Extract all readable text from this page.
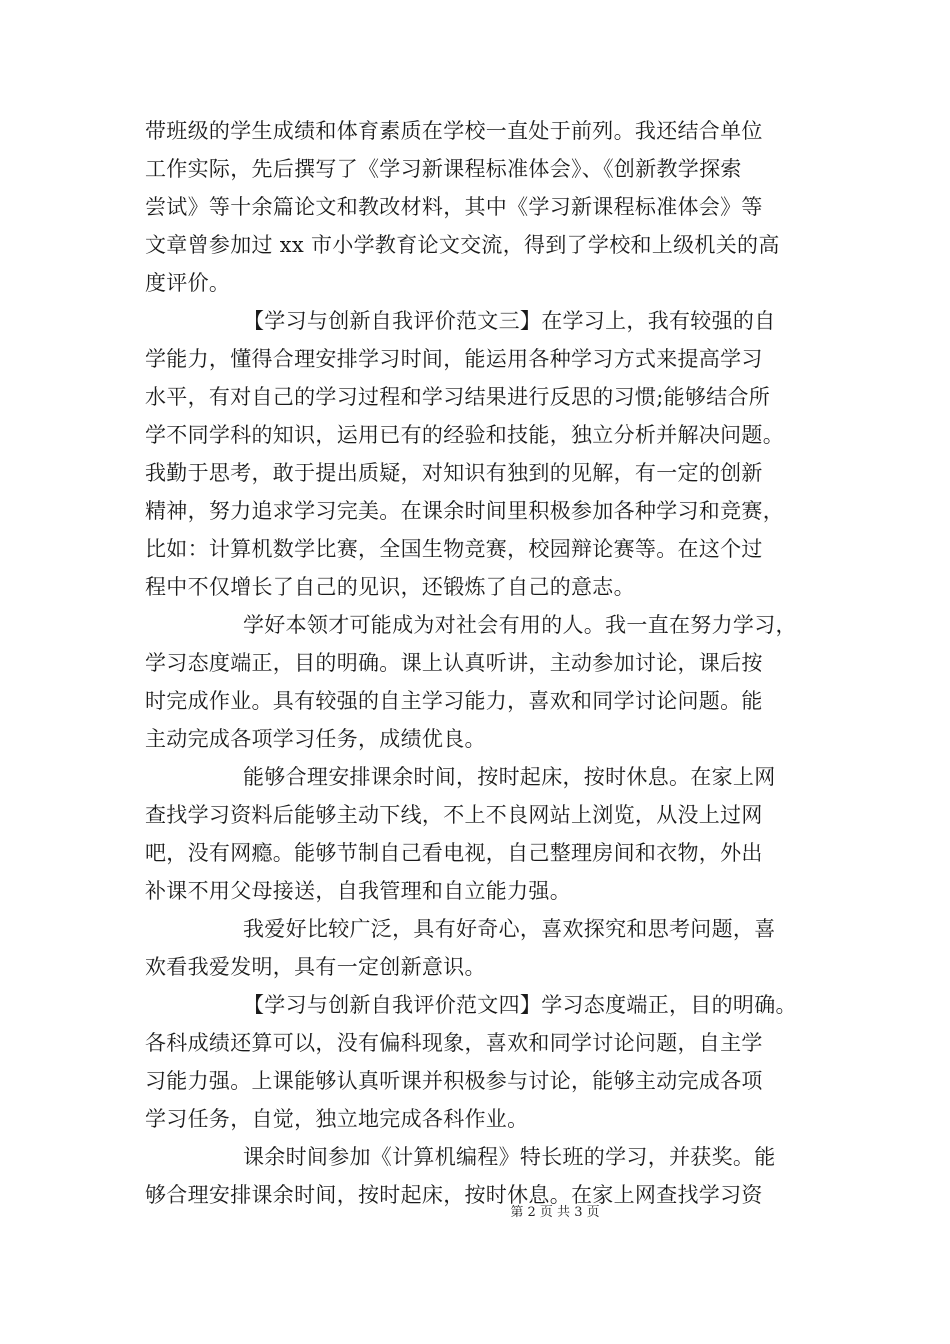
带班级的学生成绩和体育素质在学校一直处于前列。我还结合单位
工作实际，先后撰写了《学习新课程标准体会》、《创新教学探索
尝试》等十余篇论文和教改材料，其中《学习新课程标准体会》等
文章曾参加过 xx 市小学教育论文交流，得到了学校和上级机关的高
度评价。
【学习与创新自我评价范文三】在学习上，我有较强的自
学能力，懂得合理安排学习时间，能运用各种学习方式来提高学习
水平，有对自己的学习过程和学习结果进行反思的习惯;能够结合所
学不同学科的知识，运用已有的经验和技能，独立分析并解决问题。
我勤于思考，敢于提出质疑，对知识有独到的见解，有一定的创新
精神，努力追求学习完美。在课余时间里积极参加各种学习和竞赛，
比如：计算机数学比赛，全国生物竞赛，校园辩论赛等。在这个过
程中不仅增长了自己的见识，还锻炼了自己的意志。
学好本领才可能成为对社会有用的人。我一直在努力学习，
学习态度端正，目的明确。课上认真听讲，主动参加讨论，课后按
时完成作业。具有较强的自主学习能力，喜欢和同学讨论问题。能
主动完成各项学习任务，成绩优良。
能够合理安排课余时间，按时起床，按时休息。在家上网
查找学习资料后能够主动下线，不上不良网站上浏览，从没上过网
吧，没有网瘾。能够节制自己看电视，自己整理房间和衣物，外出
补课不用父母接送，自我管理和自立能力强。
我爱好比较广泛，具有好奇心，喜欢探究和思考问题，喜
欢看我爱发明，具有一定创新意识。
【学习与创新自我评价范文四】学习态度端正，目的明确。
各科成绩还算可以，没有偏科现象，喜欢和同学讨论问题，自主学
习能力强。上课能够认真听课并积极参与讨论，能够主动完成各项
学习任务，自觉，独立地完成各科作业。
课余时间参加《计算机编程》特长班的学习，并获奖。能
够合理安排课余时间，按时起床，按时休息。在家上网查找学习资
第 2 页 共 3 页
